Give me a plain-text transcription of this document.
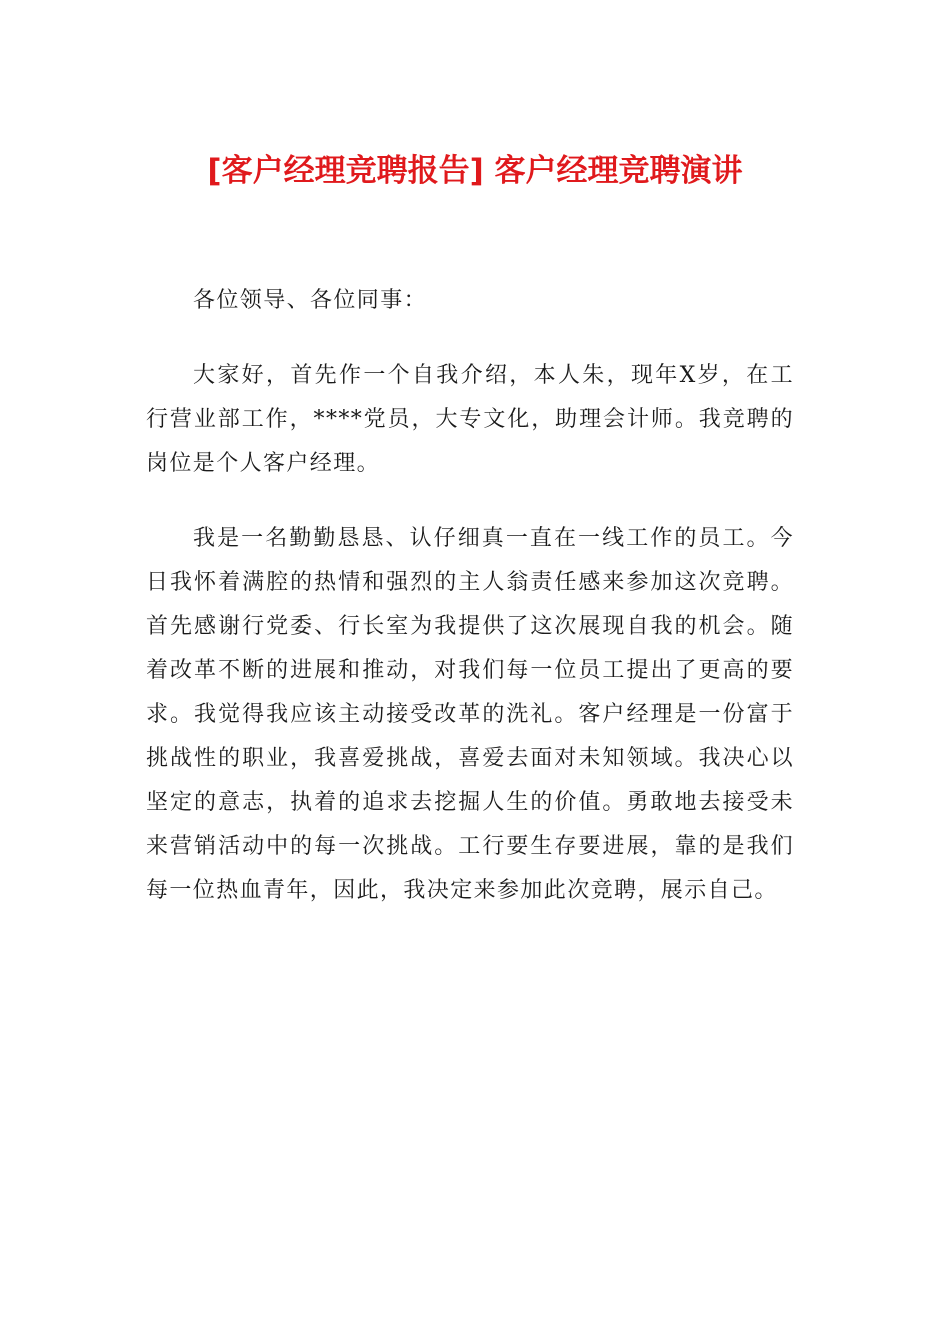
[客户经理竞聘报告] 客户经理竞聘演讲

各位领导、各位同事：

大家好，首先作一个自我介绍，本人朱，现年X岁，在工行营业部工作，****党员，大专文化，助理会计师。我竞聘的岗位是个人客户经理。

我是一名勤勤恳恳、认仔细真一直在一线工作的员工。今日我怀着满腔的热情和强烈的主人翁责任感来参加这次竞聘。首先感谢行党委、行长室为我提供了这次展现自我的机会。随着改革不断的进展和推动，对我们每一位员工提出了更高的要求。我觉得我应该主动接受改革的洗礼。客户经理是一份富于挑战性的职业，我喜爱挑战，喜爱去面对未知领域。我决心以坚定的意志，执着的追求去挖掘人生的价值。勇敢地去接受未来营销活动中的每一次挑战。工行要生存要进展，靠的是我们每一位热血青年，因此，我决定来参加此次竞聘，展示自己。
